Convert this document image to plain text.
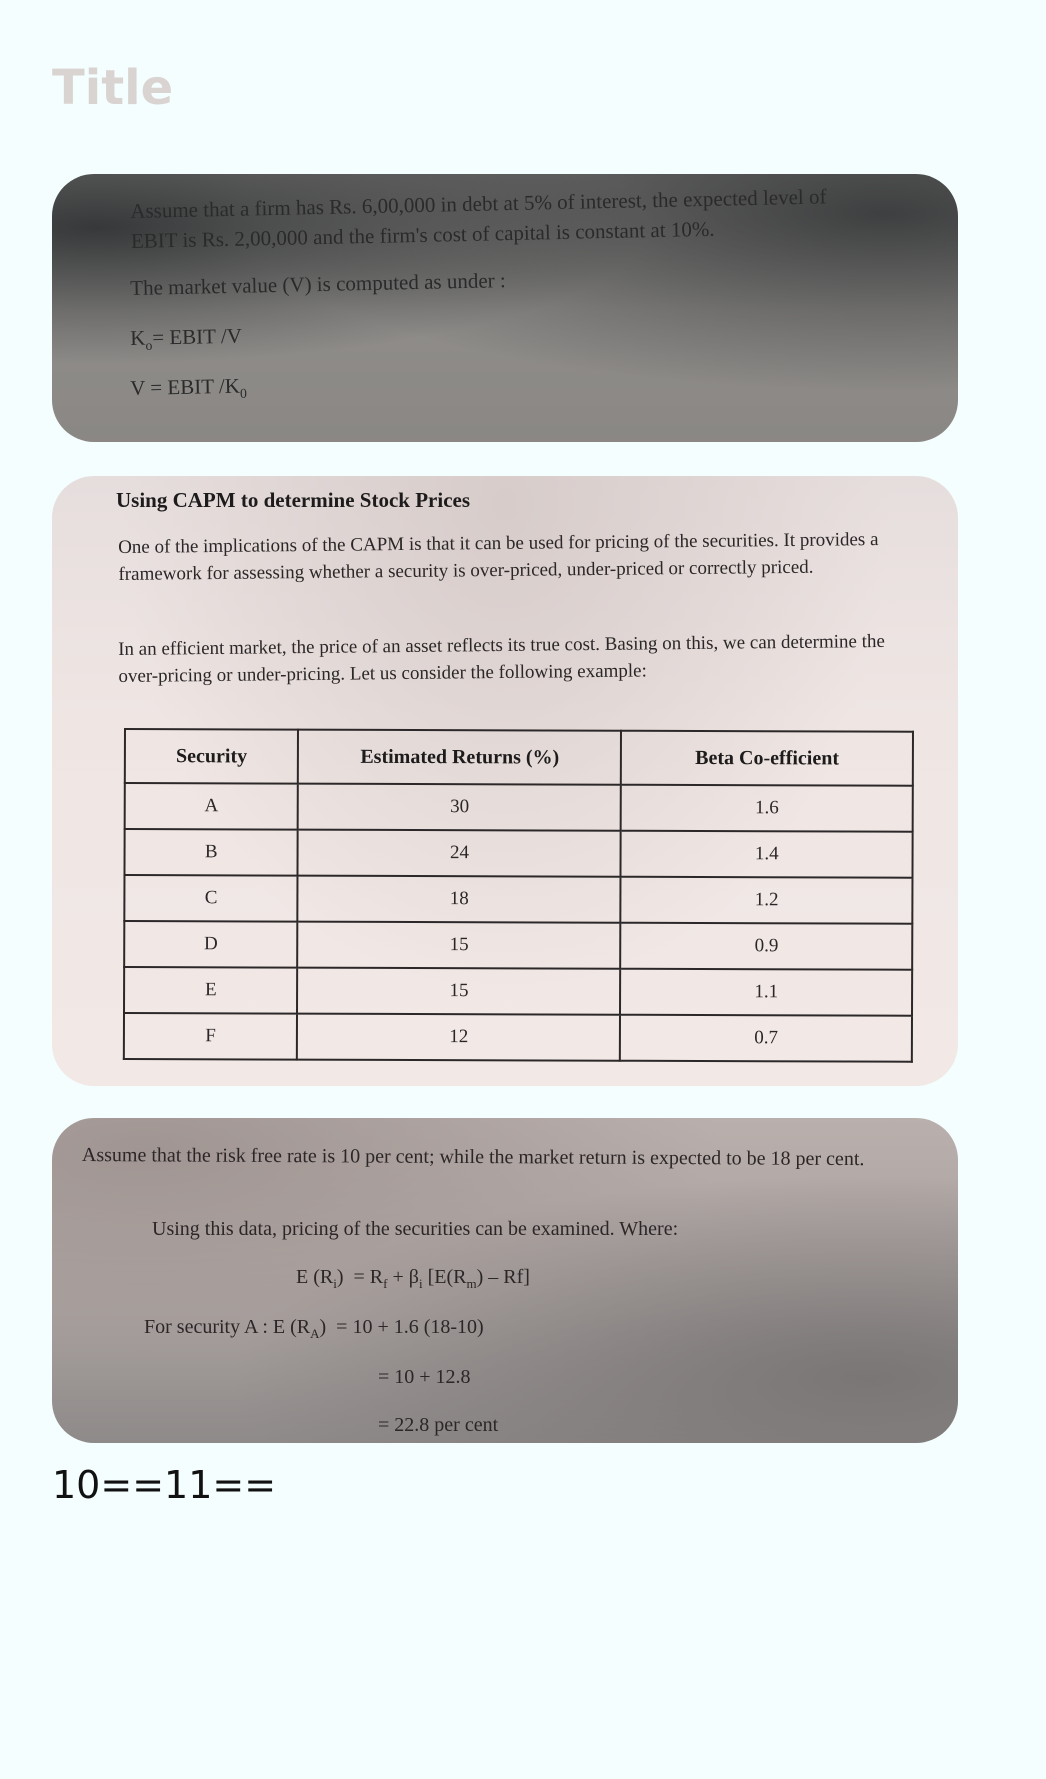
Title
Assume that a firm has Rs. 6,00,000 in debt at 5% of interest, the expected level of EBIT is Rs. 2,00,000 and the firm's cost of capital is constant at 10%.
The market value (V) is computed as under :
$K_o=$ EBIT /V
V = EBIT $/K_0$
Using CAPM to determine Stock Prices
One of the implications of the CAPM is that it can be used for pricing of the securities. It provides a framework for assessing whether a security is over-priced, under-priced or correctly priced.
In an efficient market, the price of an asset reflects its true cost. Basing on this, we can determine the over-pricing or under-pricing. Let us consider the following example:
Security	Estimated Returns (%)	Beta Co-efficient
A	30	1.6
B	24	1.4
C	18	1.2
D	15	0.9
E	15	1.1
F	12	0.7
Assume that the risk free rate is 10 per cent; while the market return is expected to be 18 per cent.
Using this data, pricing of the securities can be examined. Where:
E $(R_i) = R_f + \beta_i$ $[E(R_m) - Rf]$
For security A : E $(R_A) = 10 + 1.6$ (18-10)
= 10 + 12.8
= 22.8 per cent

10==11==
